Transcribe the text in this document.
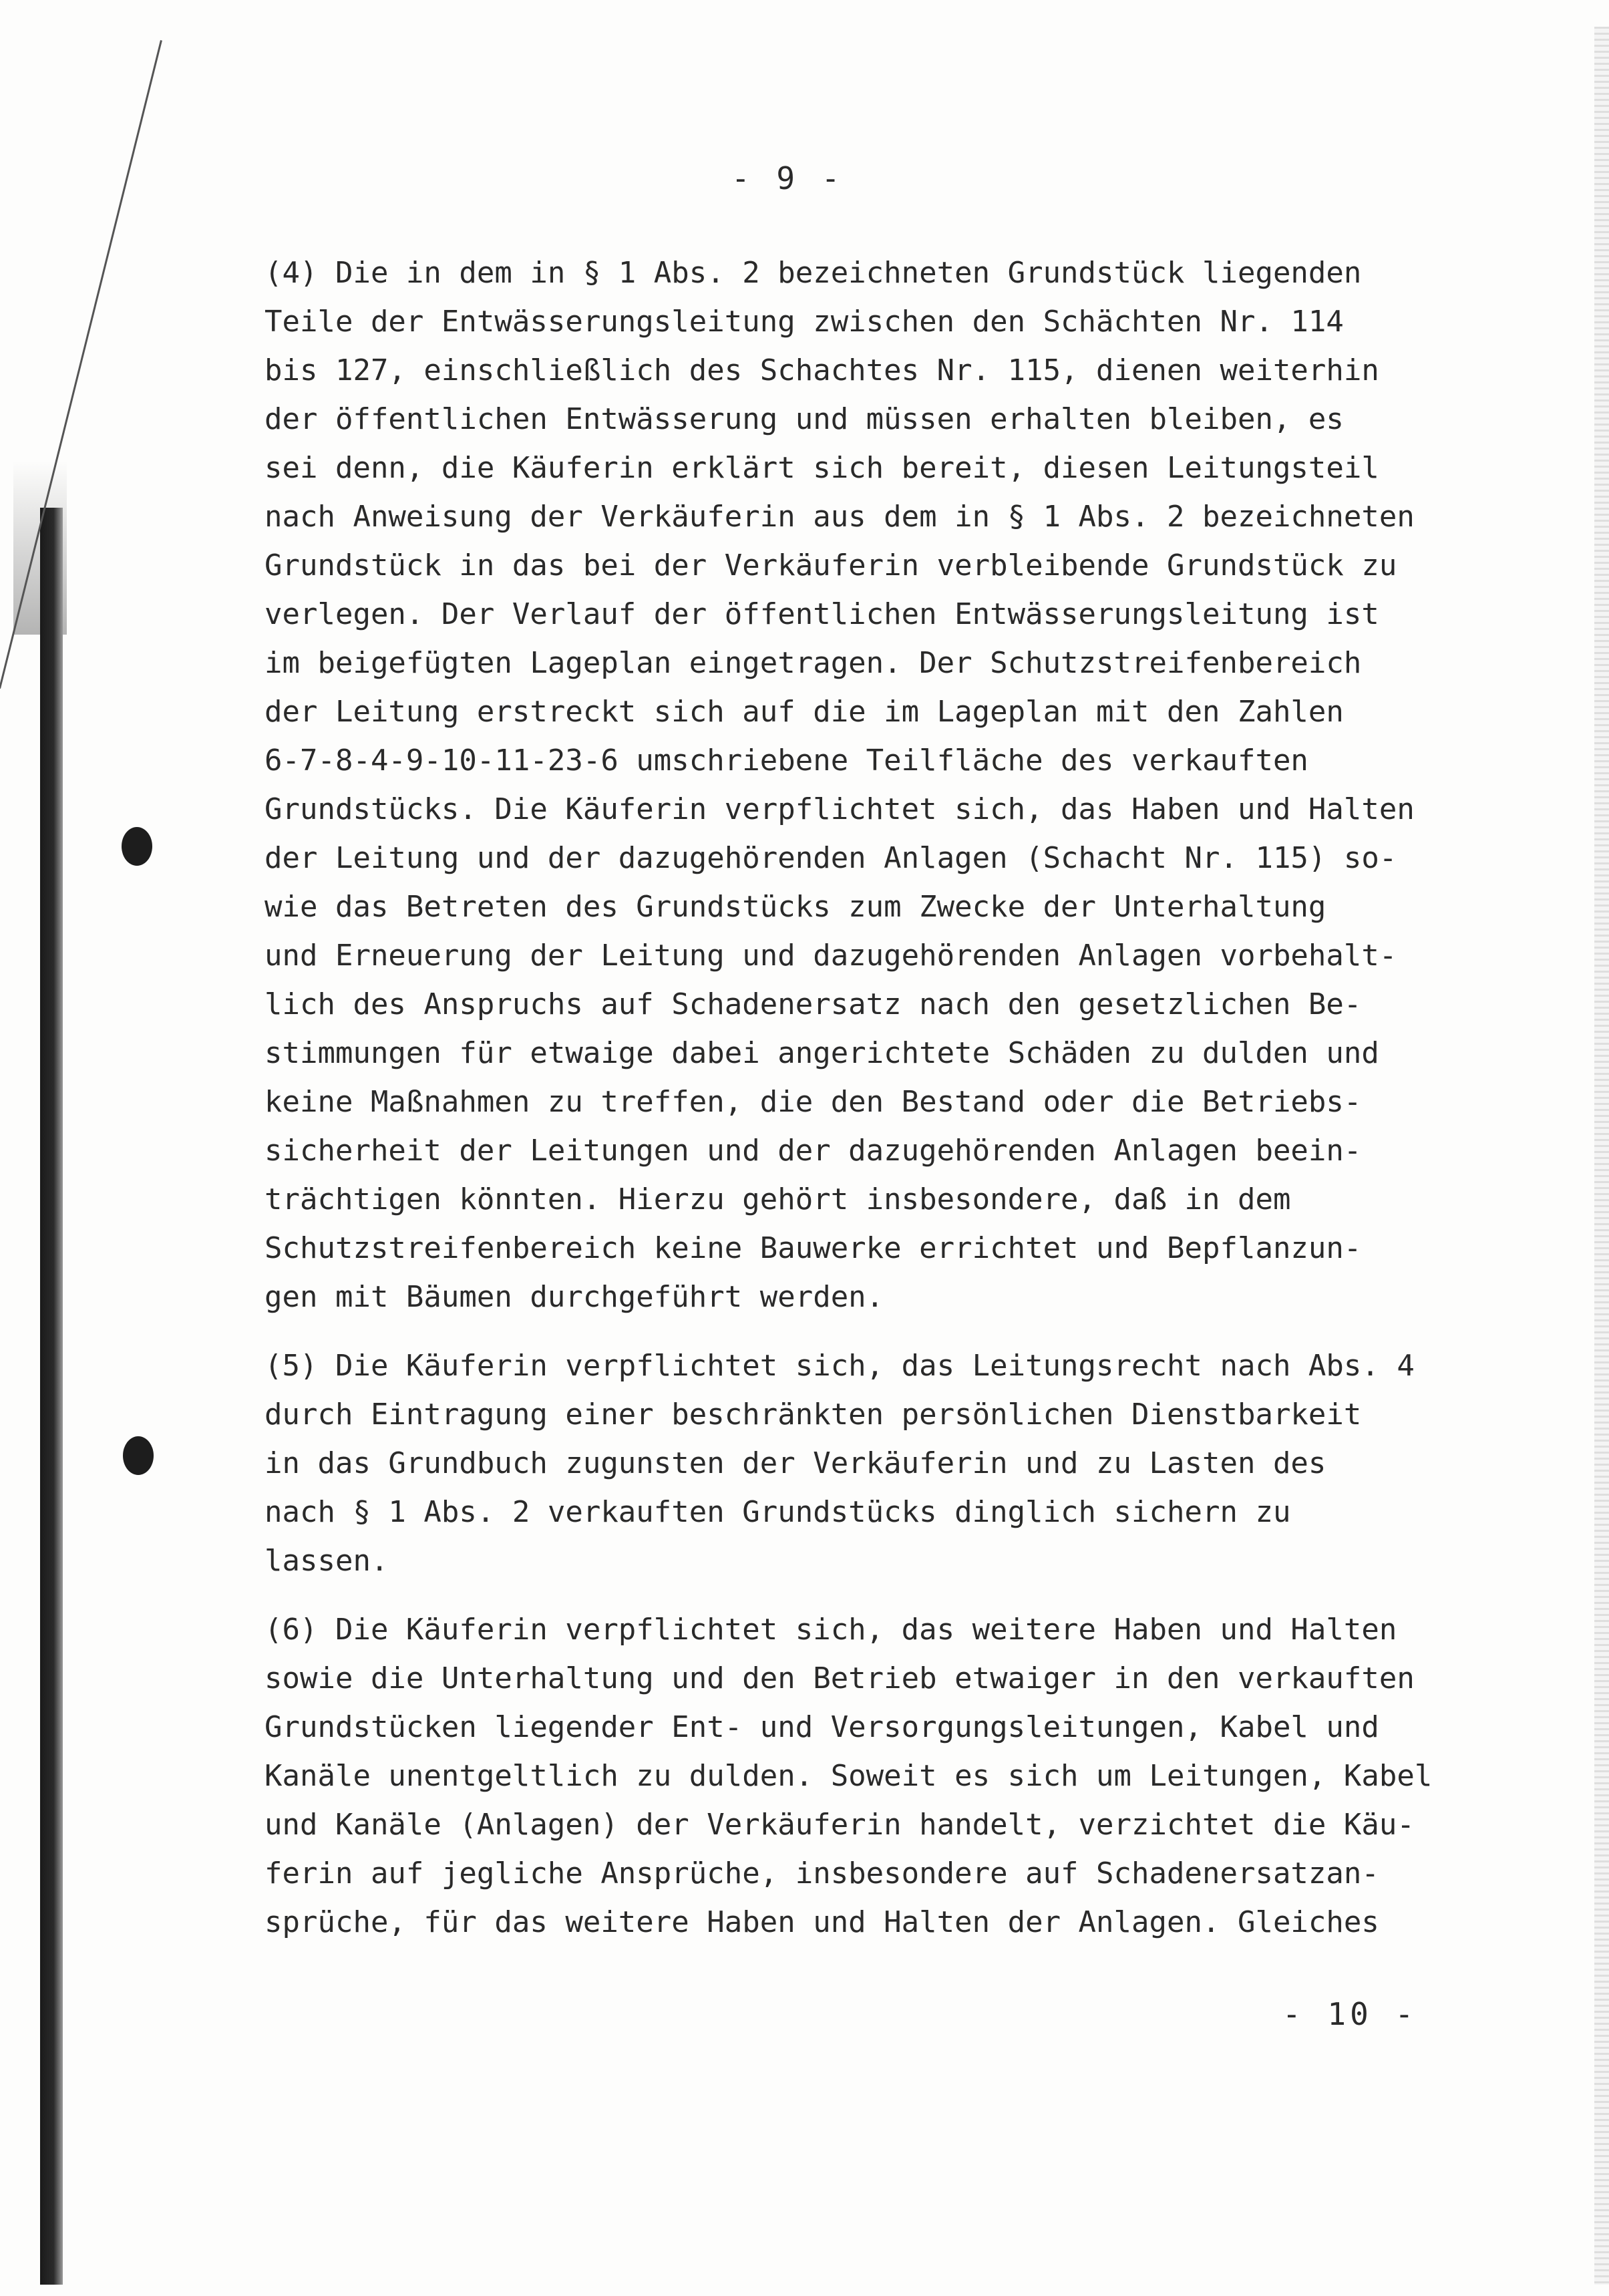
- 9 -
(4) Die in dem in § 1 Abs. 2 bezeichneten Grundstück liegenden
Teile der Entwässerungsleitung zwischen den Schächten Nr. 114
bis 127, einschließlich des Schachtes Nr. 115, dienen weiterhin
der öffentlichen Entwässerung und müssen erhalten bleiben, es
sei denn, die Käuferin erklärt sich bereit, diesen Leitungsteil
nach Anweisung der Verkäuferin aus dem in § 1 Abs. 2 bezeichneten
Grundstück in das bei der Verkäuferin verbleibende Grundstück zu
verlegen. Der Verlauf der öffentlichen Entwässerungsleitung ist
im beigefügten Lageplan eingetragen. Der Schutzstreifenbereich
der Leitung erstreckt sich auf die im Lageplan mit den Zahlen
6-7-8-4-9-10-11-23-6 umschriebene Teilfläche des verkauften
Grundstücks. Die Käuferin verpflichtet sich, das Haben und Halten
der Leitung und der dazugehörenden Anlagen (Schacht Nr. 115) so-
wie das Betreten des Grundstücks zum Zwecke der Unterhaltung
und Erneuerung der Leitung und dazugehörenden Anlagen vorbehalt-
lich des Anspruchs auf Schadenersatz nach den gesetzlichen Be-
stimmungen für etwaige dabei angerichtete Schäden zu dulden und
keine Maßnahmen zu treffen, die den Bestand oder die Betriebs-
sicherheit der Leitungen und der dazugehörenden Anlagen beein-
trächtigen könnten. Hierzu gehört insbesondere, daß in dem
Schutzstreifenbereich keine Bauwerke errichtet und Bepflanzun-
gen mit Bäumen durchgeführt werden.
(5) Die Käuferin verpflichtet sich, das Leitungsrecht nach Abs. 4
durch Eintragung einer beschränkten persönlichen Dienstbarkeit
in das Grundbuch zugunsten der Verkäuferin und zu Lasten des
nach § 1 Abs. 2 verkauften Grundstücks dinglich sichern zu
lassen.
(6) Die Käuferin verpflichtet sich, das weitere Haben und Halten
sowie die Unterhaltung und den Betrieb etwaiger in den verkauften
Grundstücken liegender Ent- und Versorgungsleitungen, Kabel und
Kanäle unentgeltlich zu dulden. Soweit es sich um Leitungen, Kabel
und Kanäle (Anlagen) der Verkäuferin handelt, verzichtet die Käu-
ferin auf jegliche Ansprüche, insbesondere auf Schadenersatzan-
sprüche, für das weitere Haben und Halten der Anlagen. Gleiches
- 10 -
